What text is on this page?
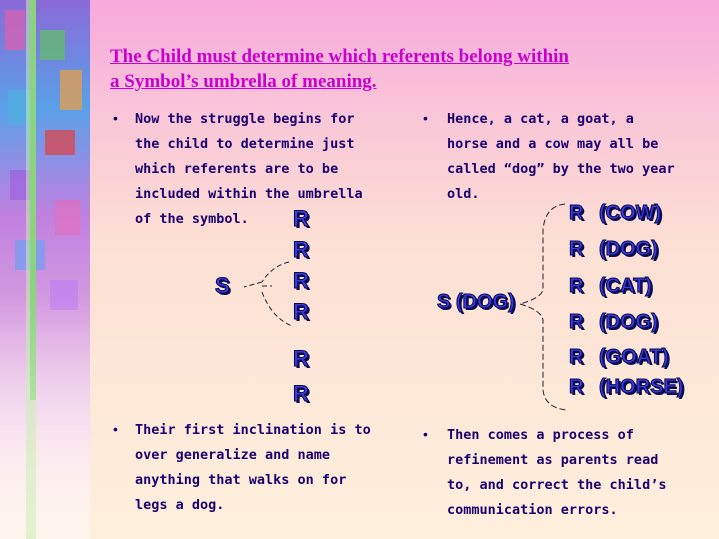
The Child must determine which referents belong within
a Symbol’s umbrella of meaning.
• Now the struggle begins for
the child to determine just
which referents are to be
included within the umbrella
of the symbol.
• Hence, a cat, a goat, a
horse and a cow may all be
called “dog” by the two year
old.
• Their first inclination is to
over generalize and name
anything that walks on for
legs a dog.
• Then comes a process of
refinement as parents read
to, and correct the child’s
communication errors.
S
R
R
R
R
R
R
S (DOG)
R (COW)
R (DOG)
R (CAT)
R (DOG)
R (GOAT)
R (HORSE)
